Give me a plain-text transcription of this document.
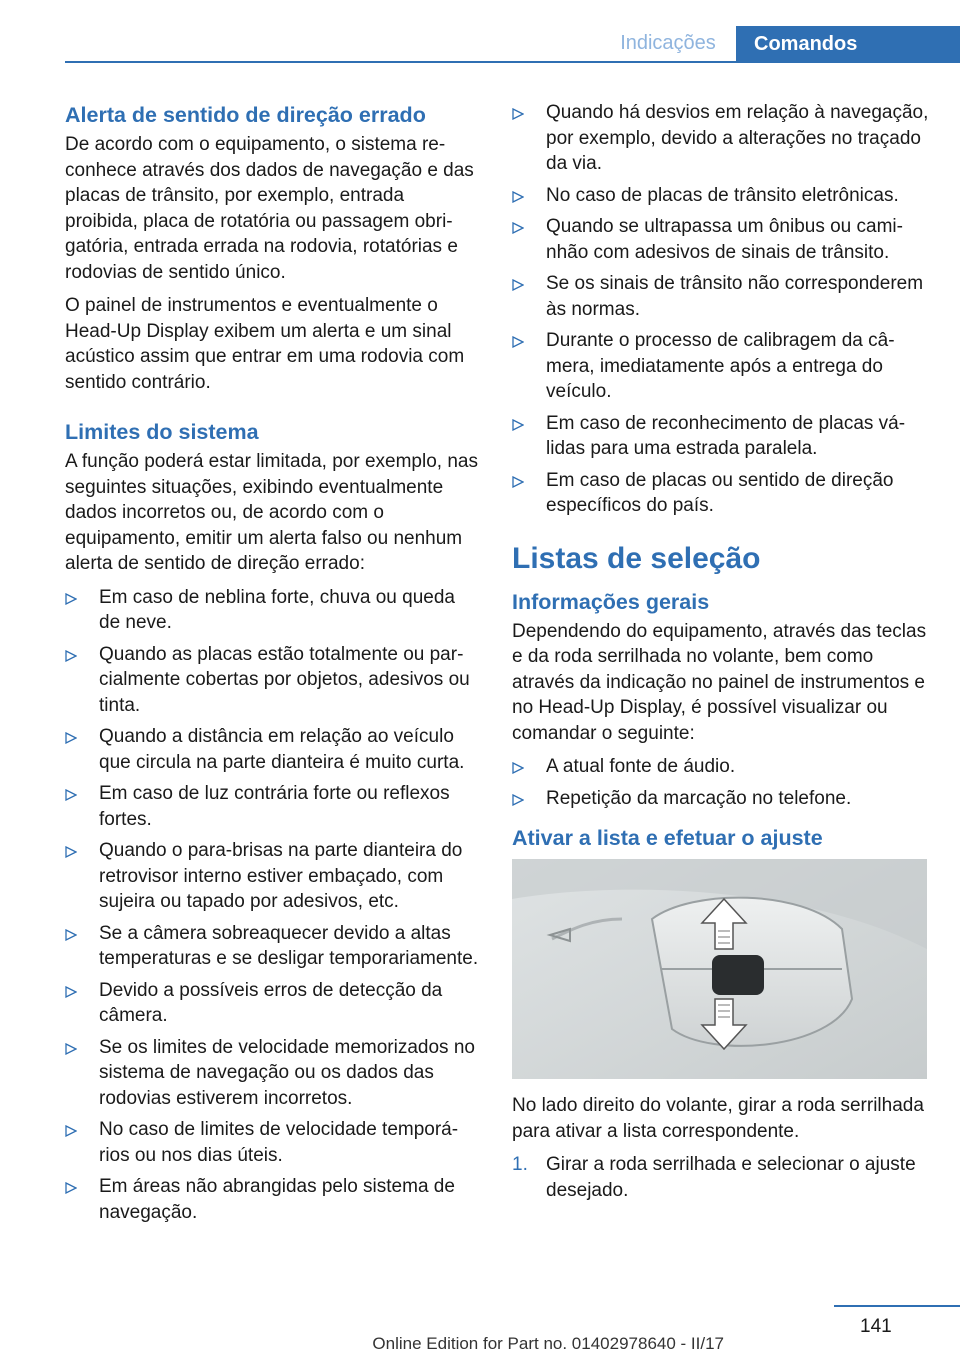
Indicações	Comandos
Alerta de sentido de direção errado

De acordo com o equipamento, o sistema reconhece através dos dados de navegação e das placas de trânsito, por exemplo, entrada proibida, placa de rotatória ou passagem obrigatória, entrada errada na rodovia, rotatórias e rodovias de sentido único.

O painel de instrumentos e eventualmente o Head-Up Display exibem um alerta e um sinal acústico assim que entrar em uma rodovia com sentido contrário.

Limites do sistema

A função poderá estar limitada, por exemplo, nas seguintes situações, exibindo eventualmente dados incorretos ou, de acordo com o equipamento, emitir um alerta falso ou nenhum alerta de sentido de direção errado:

Em caso de neblina forte, chuva ou queda de neve.
Quando as placas estão totalmente ou parcialmente cobertas por objetos, adesivos ou tinta.
Quando a distância em relação ao veículo que circula na parte dianteira é muito curta.
Em caso de luz contrária forte ou reflexos fortes.
Quando o para-brisas na parte dianteira do retrovisor interno estiver embaçado, com sujeira ou tapado por adesivos, etc.
Se a câmera sobreaquecer devido a altas temperaturas e se desligar temporariamente.
Devido a possíveis erros de detecção da câmera.
Se os limites de velocidade memorizados no sistema de navegação ou os dados das rodovias estiverem incorretos.
No caso de limites de velocidade temporários ou nos dias úteis.
Em áreas não abrangidas pelo sistema de navegação.
Quando há desvios em relação à navegação, por exemplo, devido a alterações no traçado da via.
No caso de placas de trânsito eletrônicas.
Quando se ultrapassa um ônibus ou caminhão com adesivos de sinais de trânsito.
Se os sinais de trânsito não corresponderem às normas.
Durante o processo de calibragem da câmera, imediatamente após a entrega do veículo.
Em caso de reconhecimento de placas válidas para uma estrada paralela.
Em caso de placas ou sentido de direção específicos do país.
Listas de seleção
Informações gerais

Dependendo do equipamento, através das teclas e da roda serrilhada no volante, bem como através da indicação no painel de instrumentos e no Head-Up Display, é possível visualizar ou comandar o seguinte:

A atual fonte de áudio.
Repetição da marcação no telefone.
Ativar a lista e efetuar o ajuste

No lado direito do volante, girar a roda serrilhada para ativar a lista correspondente.

1. Girar a roda serrilhada e selecionar o ajuste desejado.
141
Online Edition for Part no. 01402978640 - II/17
